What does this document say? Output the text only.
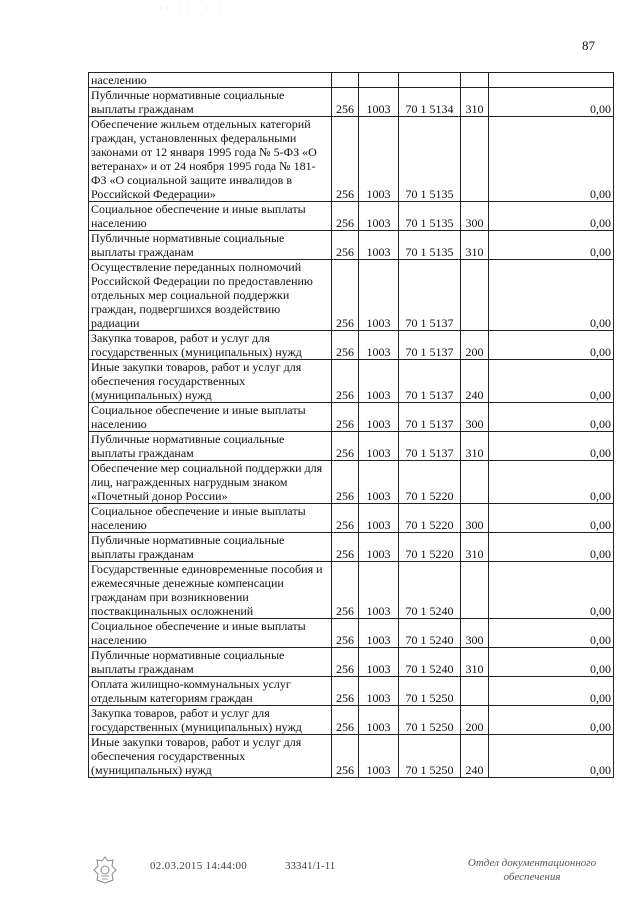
·· ··· · ·
87
населению					
Публичные нормативные социальные выплаты гражданам	256	1003	70 1 5134	310	0,00
Обеспечение жильем отдельных категорий граждан, установленных федеральными законами от 12 января 1995 года № 5-ФЗ «О ветеранах» и от 24 ноября 1995 года № 181-ФЗ «О социальной защите инвалидов в Российской Федерации»	256	1003	70 1 5135		0,00
Социальное обеспечение и иные выплаты населению	256	1003	70 1 5135	300	0,00
Публичные нормативные социальные выплаты гражданам	256	1003	70 1 5135	310	0,00
Осуществление переданных полномочий Российской Федерации по предоставлению отдельных мер социальной поддержки граждан, подвергшихся воздействию радиации	256	1003	70 1 5137		0,00
Закупка товаров, работ и услуг для государственных (муниципальных) нужд	256	1003	70 1 5137	200	0,00
Иные закупки товаров, работ и услуг для обеспечения государственных (муниципальных) нужд	256	1003	70 1 5137	240	0,00
Социальное обеспечение и иные выплаты населению	256	1003	70 1 5137	300	0,00
Публичные нормативные социальные выплаты гражданам	256	1003	70 1 5137	310	0,00
Обеспечение мер социальной поддержки для лиц, награжденных нагрудным знаком «Почетный донор России»	256	1003	70 1 5220		0,00
Социальное обеспечение и иные выплаты населению	256	1003	70 1 5220	300	0,00
Публичные нормативные социальные выплаты гражданам	256	1003	70 1 5220	310	0,00
Государственные единовременные пособия и ежемесячные денежные компенсации гражданам при возникновении поствакцинальных осложнений	256	1003	70 1 5240		0,00
Социальное обеспечение и иные выплаты населению	256	1003	70 1 5240	300	0,00
Публичные нормативные социальные выплаты гражданам	256	1003	70 1 5240	310	0,00
Оплата жилищно-коммунальных услуг отдельным категориям граждан	256	1003	70 1 5250		0,00
Закупка товаров, работ и услуг для государственных (муниципальных) нужд	256	1003	70 1 5250	200	0,00
Иные закупки товаров, работ и услуг для обеспечения государственных (муниципальных) нужд	256	1003	70 1 5250	240	0,00
02.03.2015 14:44:00	33341/1-11	Отдел документационного
обеспечения
